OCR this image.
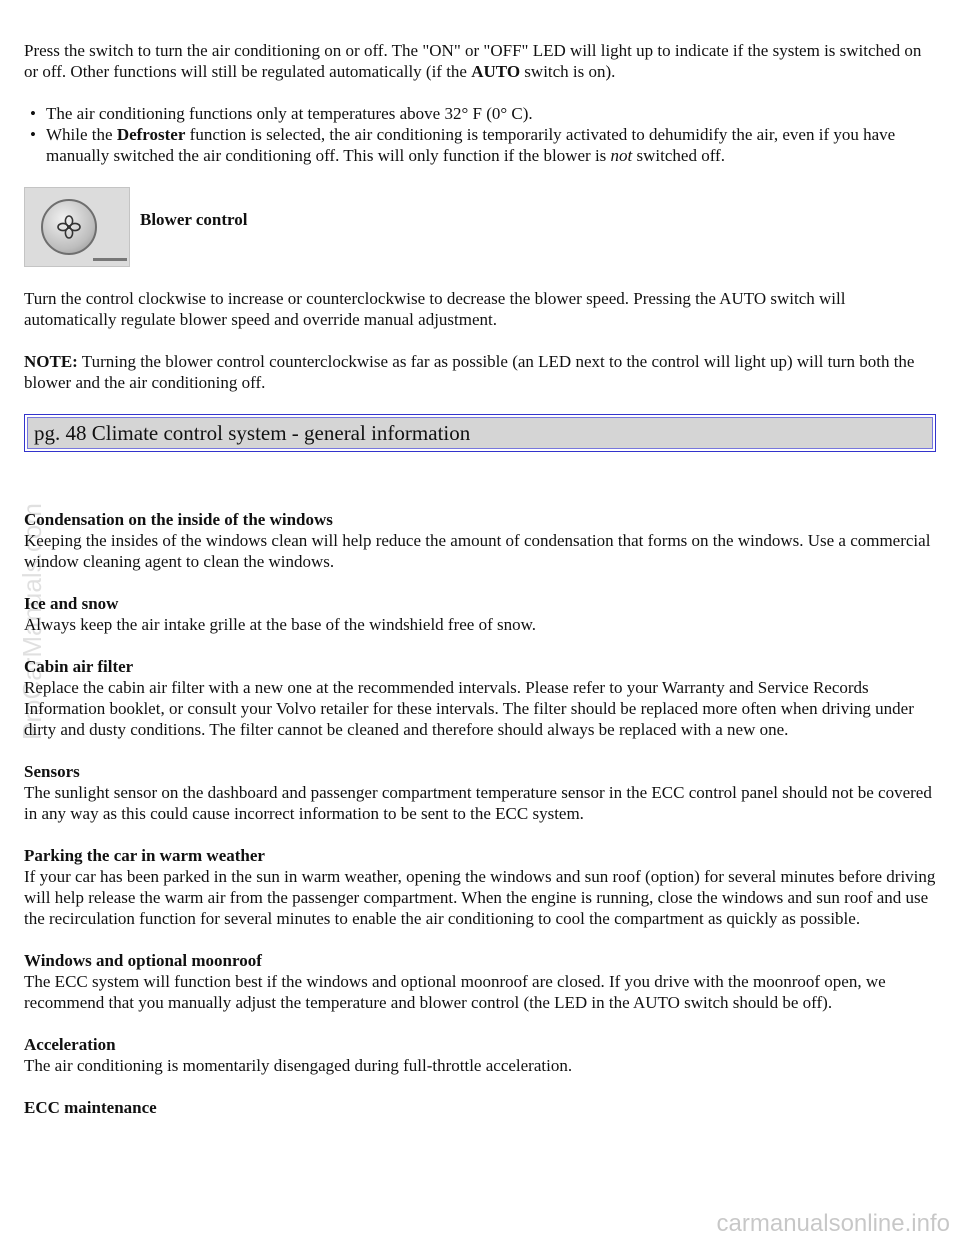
Press the switch to turn the air conditioning on or off. The "ON" or "OFF" LED will light up to indicate if the system is switched on or off. Other functions will still be regulated automatically (if the AUTO switch is on).

• The air conditioning functions only at temperatures above 32° F (0° C).
• While the Defroster function is selected, the air conditioning is temporarily activated to dehumidify the air, even if you have manually switched the air conditioning off. This will only function if the blower is not switched off.
Blower control

Turn the control clockwise to increase or counterclockwise to decrease the blower speed. Pressing the AUTO switch will automatically regulate blower speed and override manual adjustment.

NOTE: Turning the blower control counterclockwise as far as possible (an LED next to the control will light up) will turn both the blower and the air conditioning off.

pg. 48 Climate control system - general information

Condensation on the inside of the windows

Keeping the insides of the windows clean will help reduce the amount of condensation that forms on the windows. Use a commercial window cleaning agent to clean the windows.

Ice and snow

Always keep the air intake grille at the base of the windshield free of snow.

Cabin air filter

Replace the cabin air filter with a new one at the recommended intervals. Please refer to your Warranty and Service Records Information booklet, or consult your Volvo retailer for these intervals. The filter should be replaced more often when driving under dirty and dusty conditions. The filter cannot be cleaned and therefore should always be replaced with a new one.

Sensors

The sunlight sensor on the dashboard and passenger compartment temperature sensor in the ECC control panel should not be covered in any way as this could cause incorrect information to be sent to the ECC system.

Parking the car in warm weather

If your car has been parked in the sun in warm weather, opening the windows and sun roof (option) for several minutes before driving will help release the warm air from the passenger compartment. When the engine is running, close the windows and sun roof and use the recirculation function for several minutes to enable the air conditioning to cool the compartment as quickly as possible.

Windows and optional moonroof

The ECC system will function best if the windows and optional moonroof are closed. If you drive with the moonroof open, we recommend that you manually adjust the temperature and blower control (the LED in the AUTO switch should be off).

Acceleration

The air conditioning is momentarily disengaged during full-throttle acceleration.

ECC maintenance

ProCarManuals.com
carmanualsonline.info
